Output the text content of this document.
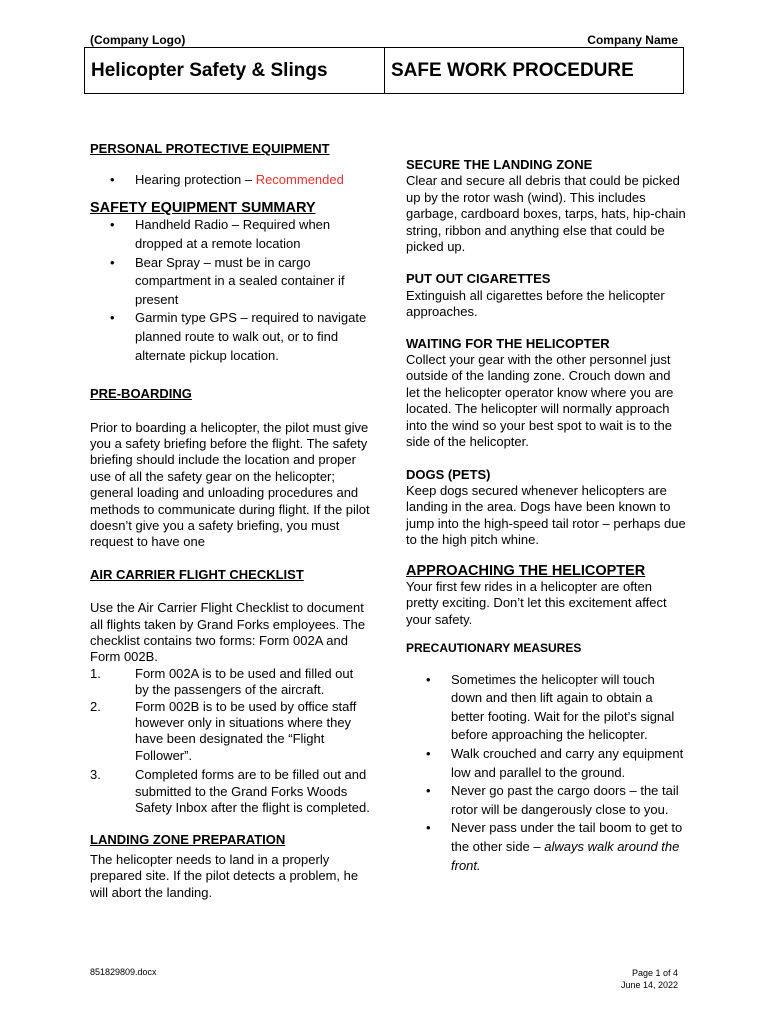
(Company Logo)	Company Name
Helicopter Safety & Slings	SAFE WORK PROCEDURE
PERSONAL PROTECTIVE EQUIPMENT
• Hearing protection – Recommended
SAFETY EQUIPMENT SUMMARY
• Handheld Radio – Required when dropped at a remote location
• Bear Spray – must be in cargo compartment in a sealed container if present
• Garmin type GPS – required to navigate planned route to walk out, or to find alternate pickup location.
PRE-BOARDING

Prior to boarding a helicopter, the pilot must give you a safety briefing before the flight. The safety briefing should include the location and proper use of all the safety gear on the helicopter; general loading and unloading procedures and methods to communicate during flight. If the pilot doesn’t give you a safety briefing, you must request to have one

AIR CARRIER FLIGHT CHECKLIST

Use the Air Carrier Flight Checklist to document all flights taken by Grand Forks employees. The checklist contains two forms: Form 002A and Form 002B.

1.	Form 002A is to be used and filled out by the passengers of the aircraft.
2.	Form 002B is to be used by office staff however only in situations where they have been designated the “Flight Follower”.
3.	Completed forms are to be filled out and submitted to the Grand Forks Woods Safety Inbox after the flight is completed.
LANDING ZONE PREPARATION

The helicopter needs to land in a properly prepared site. If the pilot detects a problem, he will abort the landing.

SECURE THE LANDING ZONE

Clear and secure all debris that could be picked up by the rotor wash (wind). This includes garbage, cardboard boxes, tarps, hats, hip-chain string, ribbon and anything else that could be picked up.

PUT OUT CIGARETTES

Extinguish all cigarettes before the helicopter approaches.

WAITING FOR THE HELICOPTER

Collect your gear with the other personnel just outside of the landing zone. Crouch down and let the helicopter operator know where you are located. The helicopter will normally approach into the wind so your best spot to wait is to the side of the helicopter.

DOGS (PETS)

Keep dogs secured whenever helicopters are landing in the area. Dogs have been known to jump into the high-speed tail rotor – perhaps due to the high pitch whine.

APPROACHING THE HELICOPTER

Your first few rides in a helicopter are often pretty exciting. Don’t let this excitement affect your safety.

PRECAUTIONARY MEASURES
• Sometimes the helicopter will touch down and then lift again to obtain a better footing. Wait for the pilot’s signal before approaching the helicopter.
• Walk crouched and carry any equipment low and parallel to the ground.
• Never go past the cargo doors – the tail rotor will be dangerously close to you.
• Never pass under the tail boom to get to the other side – always walk around the front.
851829809.docx	Page 1 of 4
June 14, 2022
